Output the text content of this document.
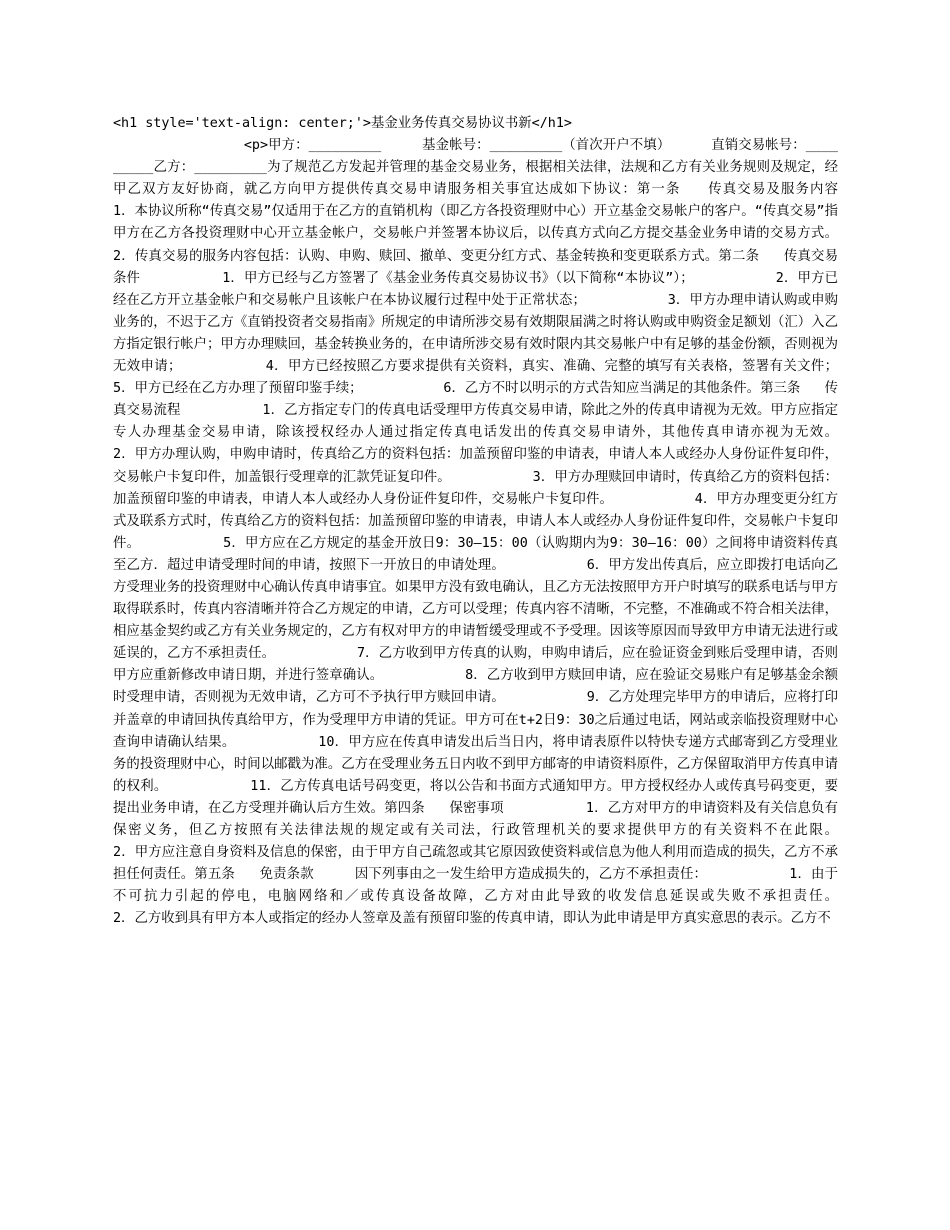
<h1 style='text-align: center;'>基金业务传真交易协议书新</h1>
<p>甲方：_________     基金帐号：_________（首次开户不填）     直销交易帐号：_________乙方：_________为了规范乙方发起并管理的基金交易业务，根据相关法律，法规和乙方有关业务规则及规定，经甲乙双方友好协商，就乙方向甲方提供传真交易申请服务相关事宜达成如下协议：第一条   传真交易及服务内容          1．本协议所称“传真交易”仅适用于在乙方的直销机构（即乙方各投资理财中心）开立基金交易帐户的客户。“传真交易”指甲方在乙方各投资理财中心开立基金帐户，交易帐户并签署本协议后，以传真方式向乙方提交基金业务申请的交易方式。2．传真交易的服务内容包括：认购、申购、赎回、撤单、变更分红方式、基金转换和变更联系方式。第二条   传真交易条件          1．甲方已经与乙方签署了《基金业务传真交易协议书》（以下简称“本协议”）；          2．甲方已经在乙方开立基金帐户和交易帐户且该帐户在本协议履行过程中处于正常状态；          3．甲方办理申请认购或申购业务的，不迟于乙方《直销投资者交易指南》所规定的申请所涉交易有效期限届满之时将认购或申购资金足额划（汇）入乙方指定银行帐户；甲方办理赎回，基金转换业务的，在申请所涉交易有效时限内其交易帐户中有足够的基金份额，否则视为无效申请；          4．甲方已经按照乙方要求提供有关资料，真实、准确、完整的填写有关表格，签署有关文件；          5．甲方已经在乙方办理了预留印鉴手续；          6．乙方不时以明示的方式告知应当满足的其他条件。第三条   传真交易流程          1．乙方指定专门的传真电话受理甲方传真交易申请，除此之外的传真申请视为无效。甲方应指定专人办理基金交易申请，除该授权经办人通过指定传真电话发出的传真交易申请外，其他传真申请亦视为无效。          2．甲方办理认购，申购申请时，传真给乙方的资料包括：加盖预留印鉴的申请表，申请人本人或经办人身份证件复印件，交易帐户卡复印件，加盖银行受理章的汇款凭证复印件。          3．甲方办理赎回申请时，传真给乙方的资料包括：加盖预留印鉴的申请表，申请人本人或经办人身份证件复印件，交易帐户卡复印件。          4．甲方办理变更分红方式及联系方式时，传真给乙方的资料包括：加盖预留印鉴的申请表，申请人本人或经办人身份证件复印件，交易帐户卡复印件。          5．甲方应在乙方规定的基金开放日9：30—15：00（认购期内为9：30—16：00）之间将申请资料传真至乙方．超过申请受理时间的申请，按照下一开放日的申请处理。          6．甲方发出传真后，应立即拨打电话向乙方受理业务的投资理财中心确认传真申请事宜。如果甲方没有致电确认，且乙方无法按照甲方开户时填写的联系电话与甲方取得联系时，传真内容清晰并符合乙方规定的申请，乙方可以受理；传真内容不清晰，不完整，不准确或不符合相关法律，相应基金契约或乙方有关业务规定的，乙方有权对甲方的申请暂缓受理或不予受理。因该等原因而导致甲方申请无法进行或延误的，乙方不承担责任。          7．乙方收到甲方传真的认购，申购申请后，应在验证资金到账后受理申请，否则甲方应重新修改申请日期，并进行签章确认。          8．乙方收到甲方赎回申请，应在验证交易账户有足够基金余额时受理申请，否则视为无效申请，乙方可不予执行甲方赎回申请。          9．乙方处理完毕甲方的申请后，应将打印并盖章的申请回执传真给甲方，作为受理甲方申请的凭证。甲方可在t+2日9：30之后通过电话，网站或亲临投资理财中心查询申请确认结果。          10．甲方应在传真申请发出后当日内，将申请表原件以特快专递方式邮寄到乙方受理业务的投资理财中心，时间以邮戳为准。乙方在受理业务五日内收不到甲方邮寄的申请资料原件，乙方保留取消甲方传真申请的权利。          11．乙方传真电话号码变更，将以公告和书面方式通知甲方。甲方授权经办人或传真号码变更，要提出业务申请，在乙方受理并确认后方生效。第四条   保密事项          1．乙方对甲方的申请资料及有关信息负有保密义务，但乙方按照有关法律法规的规定或有关司法，行政管理机关的要求提供甲方的有关资料不在此限。          2．甲方应注意自身资料及信息的保密，由于甲方自己疏忽或其它原因致使资料或信息为他人利用而造成的损失，乙方不承担任何责任。第五条   免责条款     因下列事由之一发生给甲方造成损失的，乙方不承担责任：          1．由于不可抗力引起的停电，电脑网络和／或传真设备故障，乙方对由此导致的收发信息延误或失败不承担责任。          2．乙方收到具有甲方本人或指定的经办人签章及盖有预留印鉴的传真申请，即认为此申请是甲方真实意思的表示。乙方不
